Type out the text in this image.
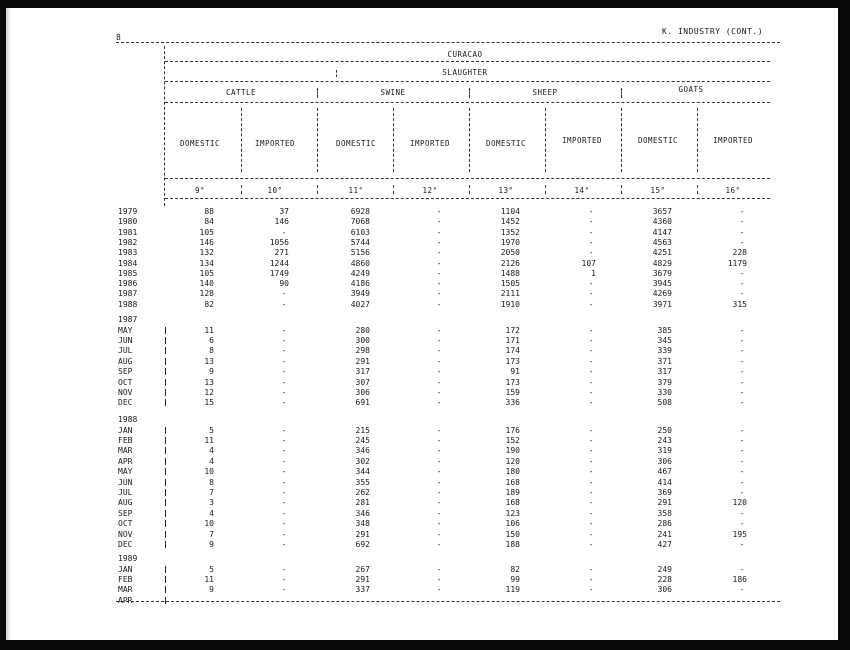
8
K. INDUSTRY (CONT.)
CURACAO
SLAUGHTER
CATTLE	SWINE	SHEEP	GOATS
DOMESTIC	IMPORTED	DOMESTIC	IMPORTED	DOMESTIC	IMPORTED	DOMESTIC	IMPORTED
9°	10°	11°	12°	13°	14°	15°	16°
1979	88	37	6928	-	1104	-	3657	-
1980	84	146	7068	-	1452	-	4360	-
1981	105	-	6103	-	1352	-	4147	-
1982	146	1056	5744	-	1970	-	4563	-
1983	132	271	5156	-	2050	-	4251	228
1984	134	1244	4860	-	2126	107	4829	1179
1985	105	1749	4249	-	1488	1	3679	-
1986	140	90	4186	-	1505	-	3945	-
1987	128	-	3949	-	2111	-	4269	-
1988	82	-	4027	-	1910	-	3971	315
1987
MAY	11	-	280	-	172	-	385	-
JUN	6	-	300	-	171	-	345	-
JUL	8	-	298	-	174	-	339	-
AUG	13	-	291	-	173	-	371	-
SEP	9	-	317	-	91	-	317	-
OCT	13	-	307	-	173	-	379	-
NOV	12	-	306	-	159	-	330	-
DEC	15	-	691	-	336	-	508	-
1988
JAN	5	-	215	-	176	-	250	-
FEB	11	-	245	-	152	-	243	-
MAR	4	-	346	-	190	-	319	-
APR	4	-	302	-	120	-	306	-
MAY	10	-	344	-	180	-	467	-
JUN	8	-	355	-	168	-	414	-
JUL	7	-	262	-	189	-	369	-
AUG	3	-	281	-	168	-	291	120
SEP	4	-	346	-	123	-	358	-
OCT	10	-	348	-	106	-	286	-
NOV	7	-	291	-	150	-	241	195
DEC	9	-	692	-	188	-	427	-
1989
JAN	5	-	267	-	82	-	249	-
FEB	11	-	291	-	99	-	228	186
MAR	9	-	337	-	119	-	306	-
APR
